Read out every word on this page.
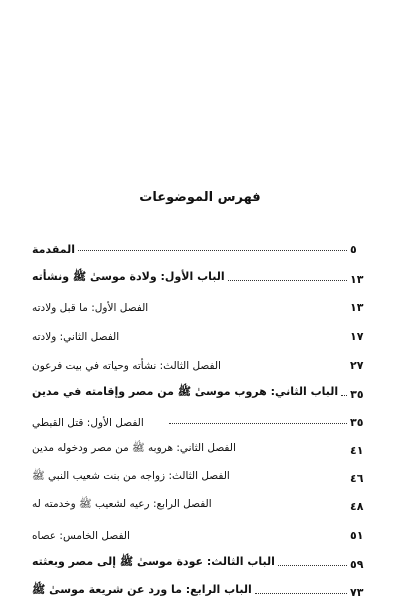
فهرس الموضوعات
المقدمة	٥
الباب الأول: ولادة موسىٰ ﷺ ونشأته	١٣
الفصل الأول: ما قبل ولادته	١٣
الفصل الثاني: ولادته	١٧
الفصل الثالث: نشأته وحياته في بيت فرعون	٢٧
الباب الثاني: هروب موسىٰ ﷺ من مصر وإقامته في مدين ٣٥
الفصل الأول: قتل القبطي	٣٥
الفصل الثاني: هروبه ﷺ من مصر ودخوله مدين	٤١
الفصل الثالث: زواجه من بنت شعيب النبي ﷺ	٤٦
الفصل الرابع: رعيه لشعيب ﷺ وخدمته له	٤٨
الفصل الخامس: عصاه	٥١
الباب الثالث: عودة موسىٰ ﷺ إلى مصر وبعثته	٥٩
الباب الرابع: ما ورد عن شريعة موسىٰ ﷺ	٧٣
